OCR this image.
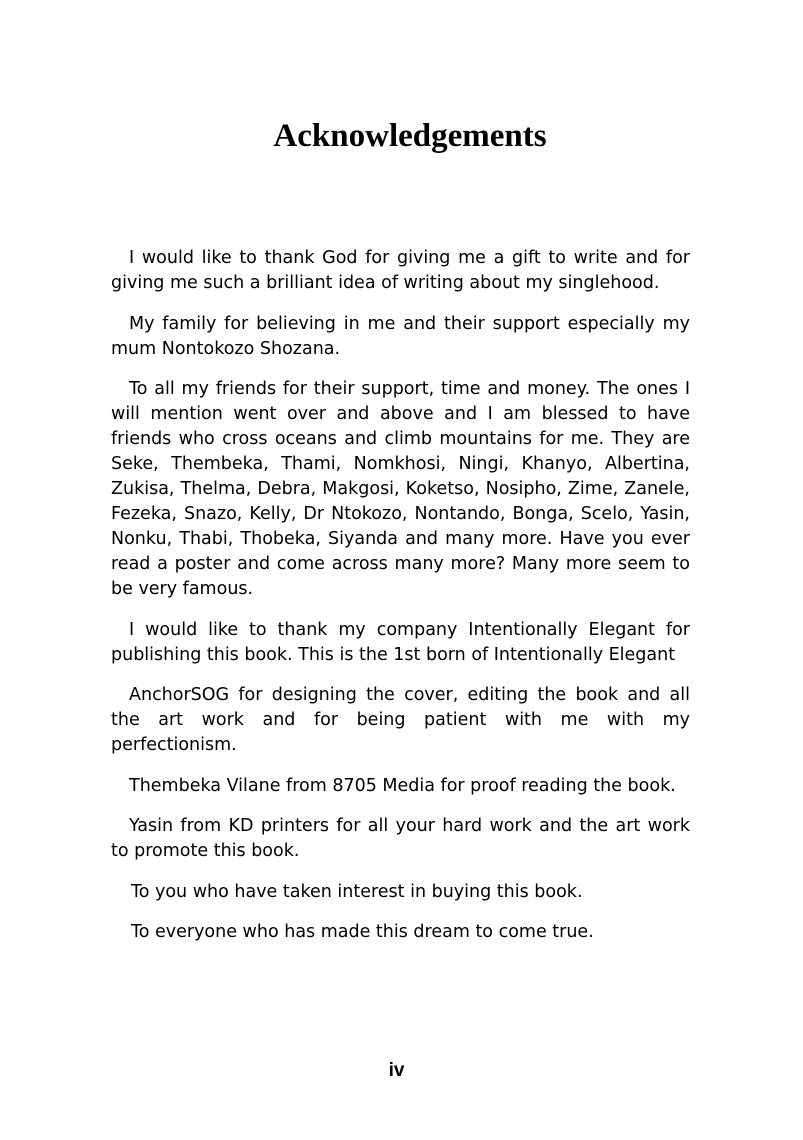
Acknowledgements

I would like to thank God for giving me a gift to write and for giving me such a brilliant idea of writing about my singlehood.

My family for believing in me and their support especially my mum Nontokozo Shozana.

To all my friends for their support, time and money. The ones I will mention went over and above and I am blessed to have friends who cross oceans and climb mountains for me. They are Seke, Thembeka, Thami, Nomkhosi, Ningi, Khanyo, Albertina, Zukisa, Thelma, Debra, Makgosi, Koketso, Nosipho, Zime, Zanele, Fezeka, Snazo, Kelly, Dr Ntokozo, Nontando, Bonga, Scelo, Yasin, Nonku, Thabi, Thobeka, Siyanda and many more. Have you ever read a poster and come across many more? Many more seem to be very famous.

I would like to thank my company Intentionally Elegant for publishing this book. This is the 1st born of Intentionally Elegant

AnchorSOG for designing the cover, editing the book and all the art work and for being patient with me with my perfectionism.

Thembeka Vilane from 8705 Media for proof reading the book.

Yasin from KD printers for all your hard work and the art work to promote this book.

To you who have taken interest in buying this book.

To everyone who has made this dream to come true.

iv
